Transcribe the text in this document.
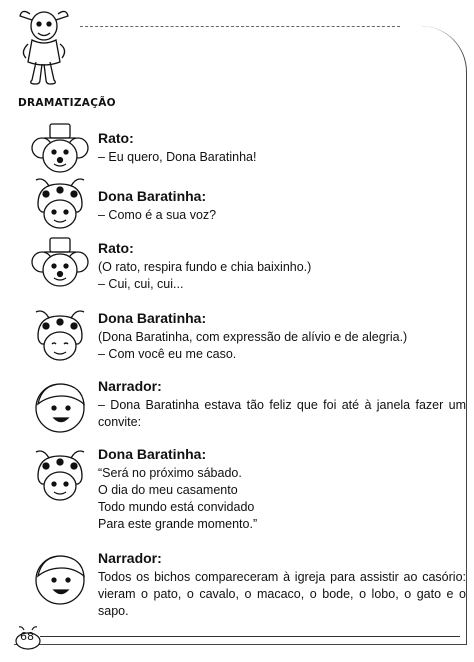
DRAMATIZAÇÃO
Rato:
– Eu quero, Dona Baratinha!
Dona Baratinha:
– Como é a sua voz?
Rato:
(O rato, respira fundo e chia baixinho.)
– Cui, cui, cui...
Dona Baratinha:
(Dona Baratinha, com expressão de alívio e de alegria.)
– Com você eu me caso.
Narrador:
– Dona Baratinha estava tão feliz que foi até à janela fazer um
convite:
Dona Baratinha:
“Será no próximo sábado.
O dia do meu casamento
Todo mundo está convidado
Para este grande momento.”
Narrador:
Todos os bichos compareceram à igreja para assistir ao casório:
vieram o pato, o cavalo, o macaco, o bode, o lobo, o gato e o
sapo.
68
